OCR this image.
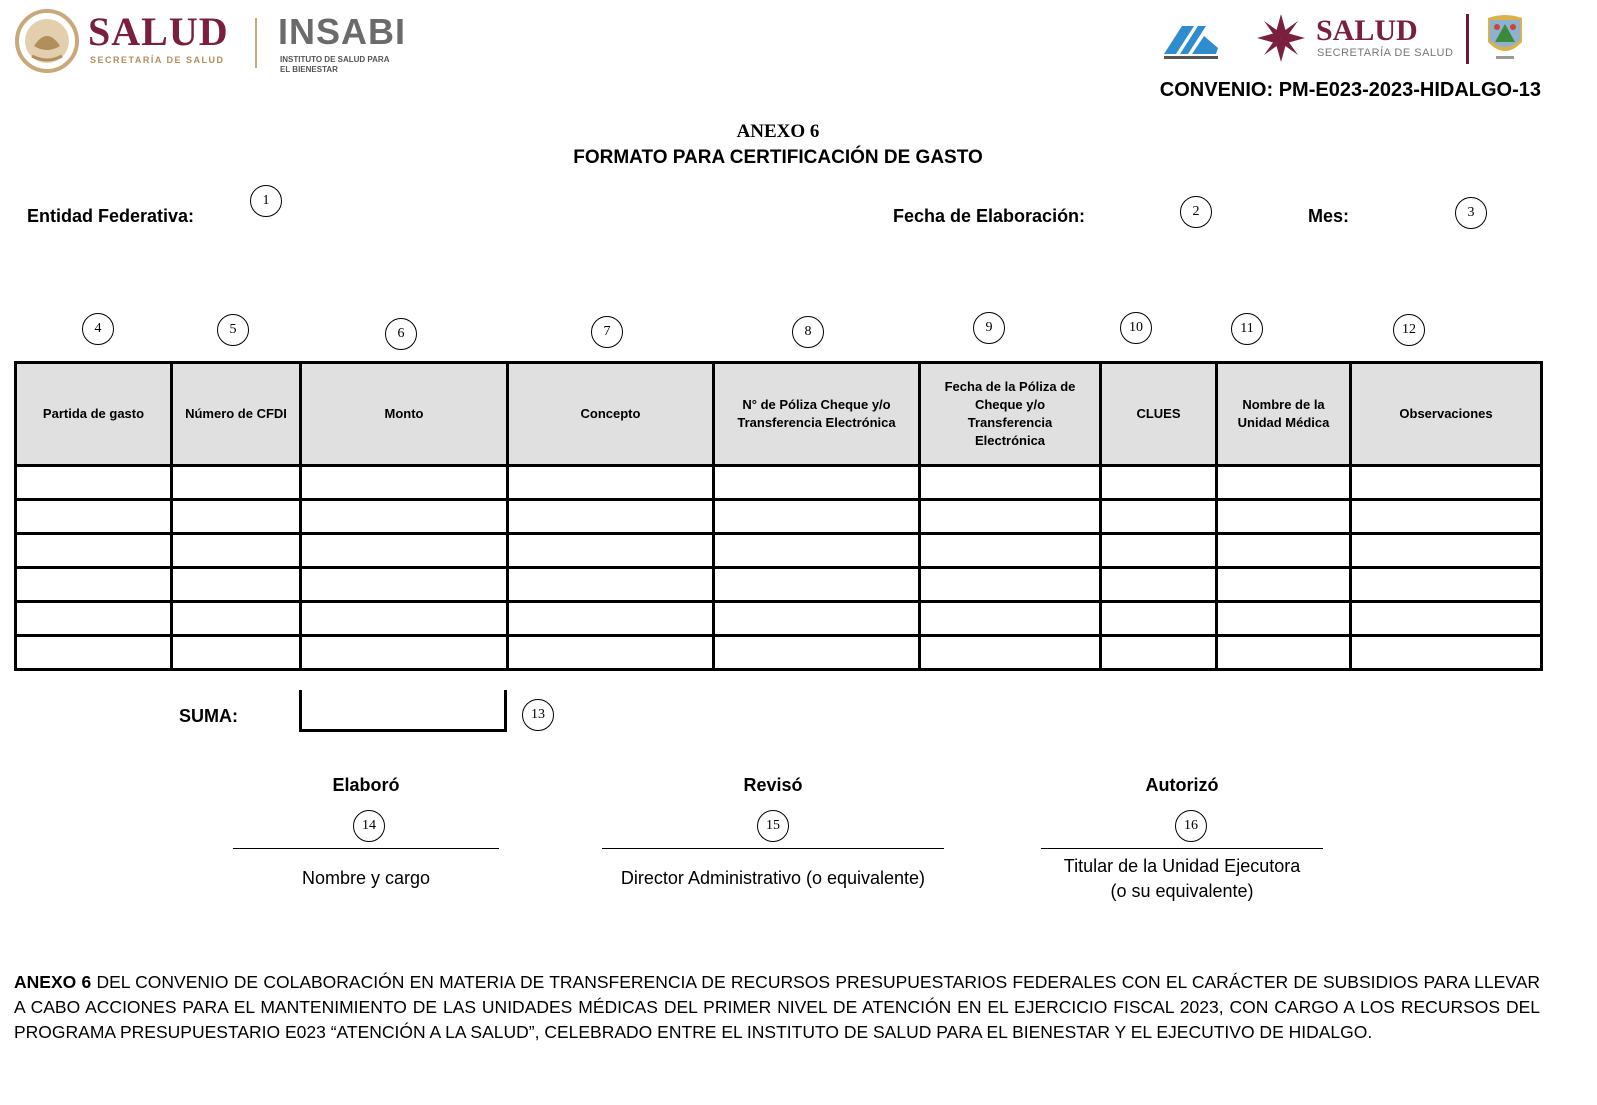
SALUD
SECRETARÍA DE SALUD
INSABI
INSTITUTO DE SALUD PARA
EL BIENESTAR
SALUD
SECRETARÍA DE SALUD
CONVENIO: PM-E023-2023-HIDALGO-13
ANEXO 6
FORMATO PARA CERTIFICACIÓN DE GASTO
Entidad Federativa:
1
Fecha de Elaboración:	2	Mes:	3
4	5	6	7	8	9	10	11	12
Partida de gasto	Número de CFDI	Monto	Concepto	N° de Póliza Cheque y/o Transferencia Electrónica	Fecha de la Póliza de Cheque y/o Transferencia Electrónica	CLUES	Nombre de la Unidad Médica	Observaciones

SUMA:	13
Elaboró
14
Nombre y cargo
Revisó
15
Director Administrativo (o equivalente)
Autorizó
16
Titular de la Unidad Ejecutora
(o su equivalente)
ANEXO 6 DEL CONVENIO DE COLABORACIÓN EN MATERIA DE TRANSFERENCIA DE RECURSOS PRESUPUESTARIOS FEDERALES CON EL CARÁCTER DE SUBSIDIOS PARA LLEVAR A CABO ACCIONES PARA EL MANTENIMIENTO DE LAS UNIDADES MÉDICAS DEL PRIMER NIVEL DE ATENCIÓN EN EL EJERCICIO FISCAL 2023, CON CARGO A LOS RECURSOS DEL PROGRAMA PRESUPUESTARIO E023 “ATENCIÓN A LA SALUD”, CELEBRADO ENTRE EL INSTITUTO DE SALUD PARA EL BIENESTAR Y EL EJECUTIVO DE HIDALGO.
